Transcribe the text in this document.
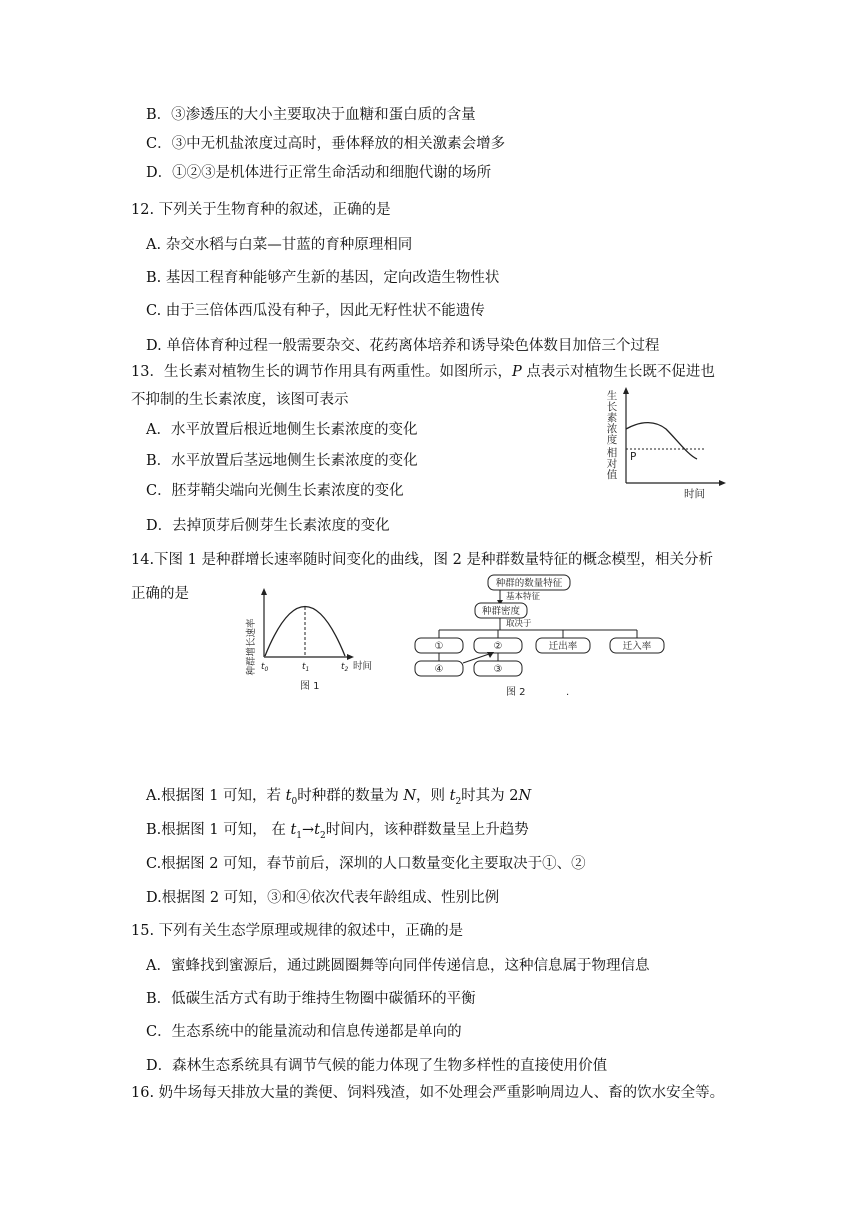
B．③渗透压的大小主要取决于血糖和蛋白质的含量
C．③中无机盐浓度过高时，垂体释放的相关激素会增多
D．①②③是机体进行正常生命活动和细胞代谢的场所
12. 下列关于生物育种的叙述，正确的是
A. 杂交水稻与白菜—甘蓝的育种原理相同
B. 基因工程育种能够产生新的基因，定向改造生物性状
C. 由于三倍体西瓜没有种子，因此无籽性状不能遗传
D. 单倍体育种过程一般需要杂交、花药离体培养和诱导染色体数目加倍三个过程
13．生长素对植物生长的调节作用具有两重性。如图所示，P 点表示对植物生长既不促进也
不抑制的生长素浓度，该图可表示
A．水平放置后根近地侧生长素浓度的变化
B．水平放置后茎远地侧生长素浓度的变化
C．胚芽鞘尖端向光侧生长素浓度的变化
D．去掉顶芽后侧芽生长素浓度的变化
生
长
素
浓
度
相
对
值
P
时间
14.下图 1 是种群增长速率随时间变化的曲线，图 2 是种群数量特征的概念模型，相关分析
正确的是
种群增长速率 $t_0$	$t_1$	$t_2$ 时间
图 1
种群的数量特征
基本特征
种群密度
取决于
①	②	迁出率	迁入率
④	③
图 2	.
A.根据图 1 可知，若 $t_0$时种群的数量为 N，则 $t_2$时其为 2N
B.根据图 1 可知， 在 $t_1\to t_2$时间内，该种群数量呈上升趋势
C.根据图 2 可知，春节前后，深圳的人口数量变化主要取决于①、②
D.根据图 2 可知，③和④依次代表年龄组成、性别比例
15. 下列有关生态学原理或规律的叙述中，正确的是
A．蜜蜂找到蜜源后，通过跳圆圈舞等向同伴传递信息，这种信息属于物理信息
B．低碳生活方式有助于维持生物圈中碳循环的平衡
C．生态系统中的能量流动和信息传递都是单向的
D．森林生态系统具有调节气候的能力体现了生物多样性的直接使用价值
16. 奶牛场每天排放大量的粪便、饲料残渣，如不处理会严重影响周边人、畜的饮水安全等。
